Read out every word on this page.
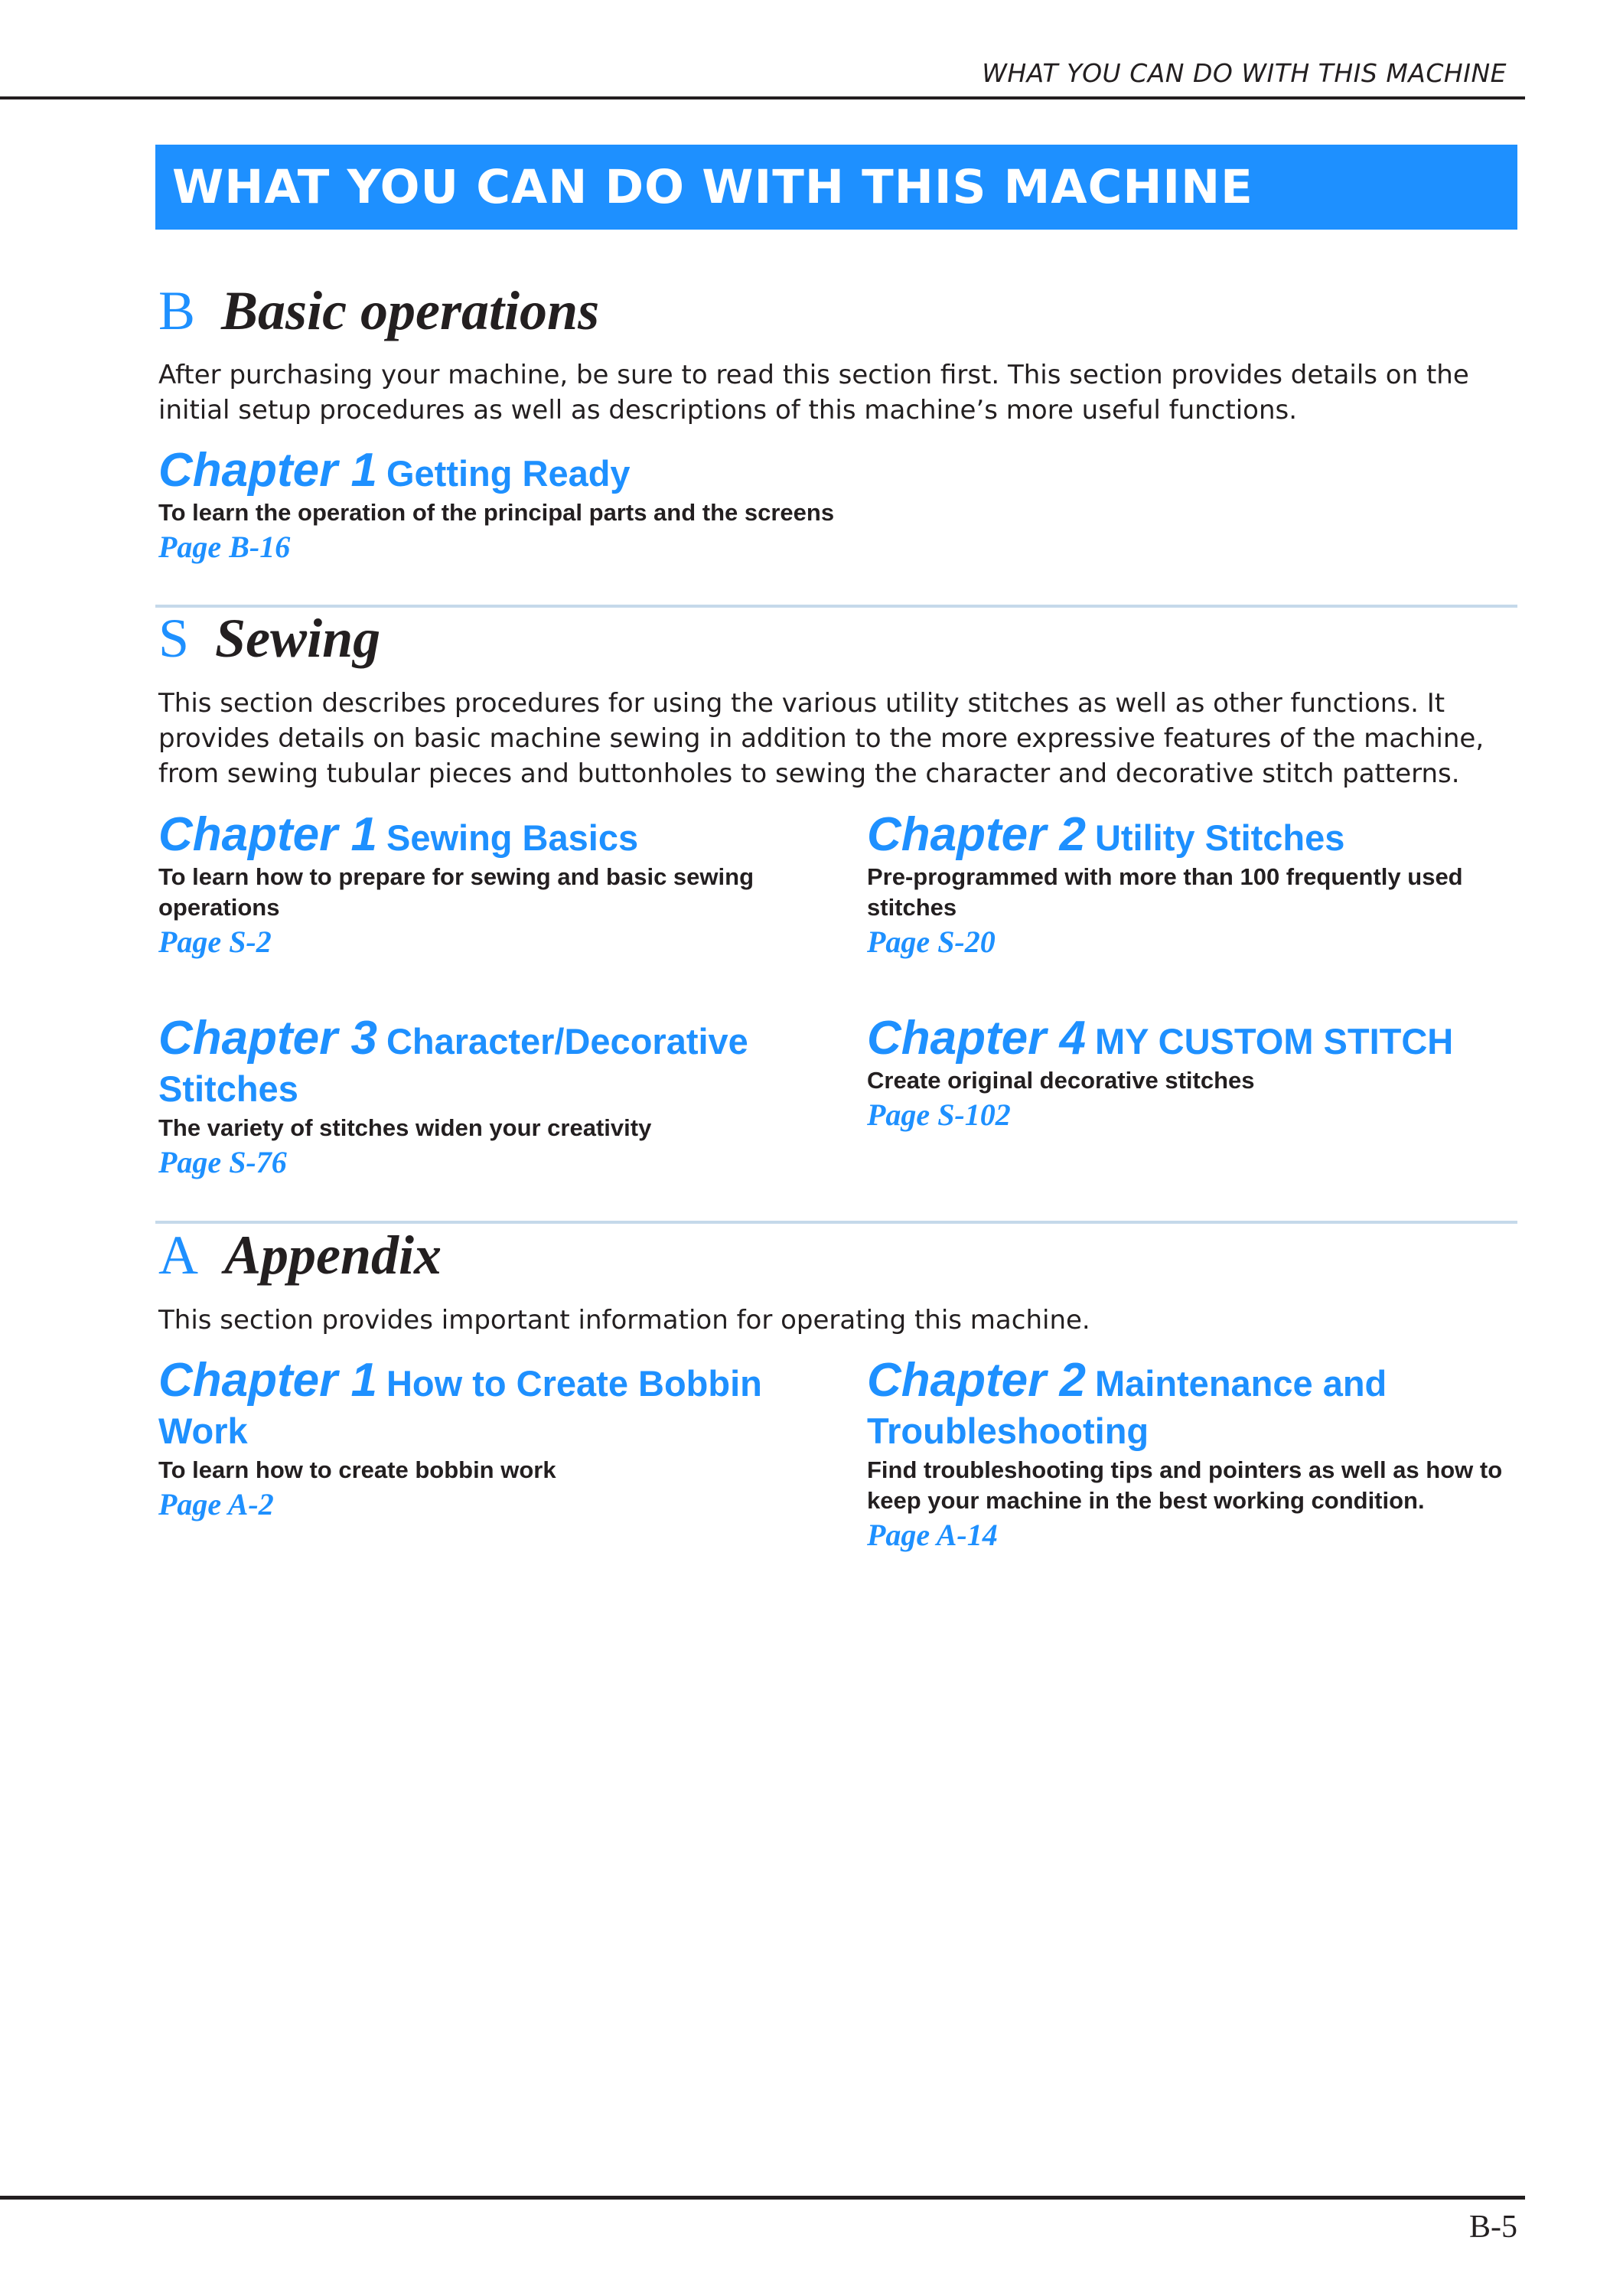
WHAT YOU CAN DO WITH THIS MACHINE
WHAT YOU CAN DO WITH THIS MACHINE
B Basic operations
After purchasing your machine, be sure to read this section first. This section provides details on the initial setup procedures as well as descriptions of this machine’s more useful functions.
Chapter 1 Getting Ready
To learn the operation of the principal parts and the screens
Page B-16
S Sewing
This section describes procedures for using the various utility stitches as well as other functions. It provides details on basic machine sewing in addition to the more expressive features of the machine, from sewing tubular pieces and buttonholes to sewing the character and decorative stitch patterns.
Chapter 1 Sewing Basics
To learn how to prepare for sewing and basic sewing operations
Page S-2
Chapter 2 Utility Stitches
Pre-programmed with more than 100 frequently used stitches
Page S-20
Chapter 3 Character/Decorative Stitches
The variety of stitches widen your creativity
Page S-76
Chapter 4 MY CUSTOM STITCH
Create original decorative stitches
Page S-102
A Appendix
This section provides important information for operating this machine.
Chapter 1 How to Create Bobbin Work
To learn how to create bobbin work
Page A-2
Chapter 2 Maintenance and Troubleshooting
Find troubleshooting tips and pointers as well as how to keep your machine in the best working condition.
Page A-14
B-5
